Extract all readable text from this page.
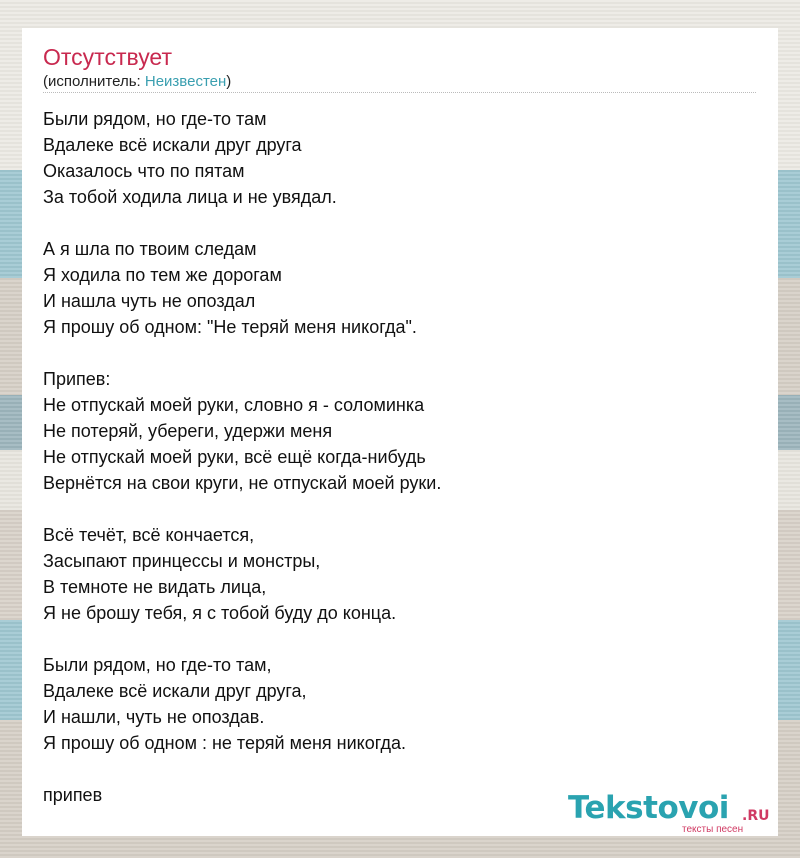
Отсутствует
(исполнитель: Неизвестен)
Были рядом, но где-то там
Вдалеке всё искали друг друга
Оказалось что по пятам
За тобой ходила лица и не увядал.
А я шла по твоим следам
Я ходила по тем же дорогам
И нашла чуть не опоздал
Я прошу об одном: "Не теряй меня никогда".
Припев:
Не отпускай моей руки, словно я - соломинка
Не потеряй, убереги, удержи меня
Не отпускай моей руки, всё ещё когда-нибудь
Вернётся на свои круги, не отпускай моей руки.
Всё течёт, всё кончается,
Засыпают принцессы и монстры,
В темноте не видать лица,
Я не брошу тебя, я с тобой буду до конца.
Были рядом, но где-то там,
Вдалеке всё искали друг друга,
И нашли, чуть не опоздав.
Я прошу об одном : не теряй меня никогда.
припев	Tekstovoi .RU
тексты песен
